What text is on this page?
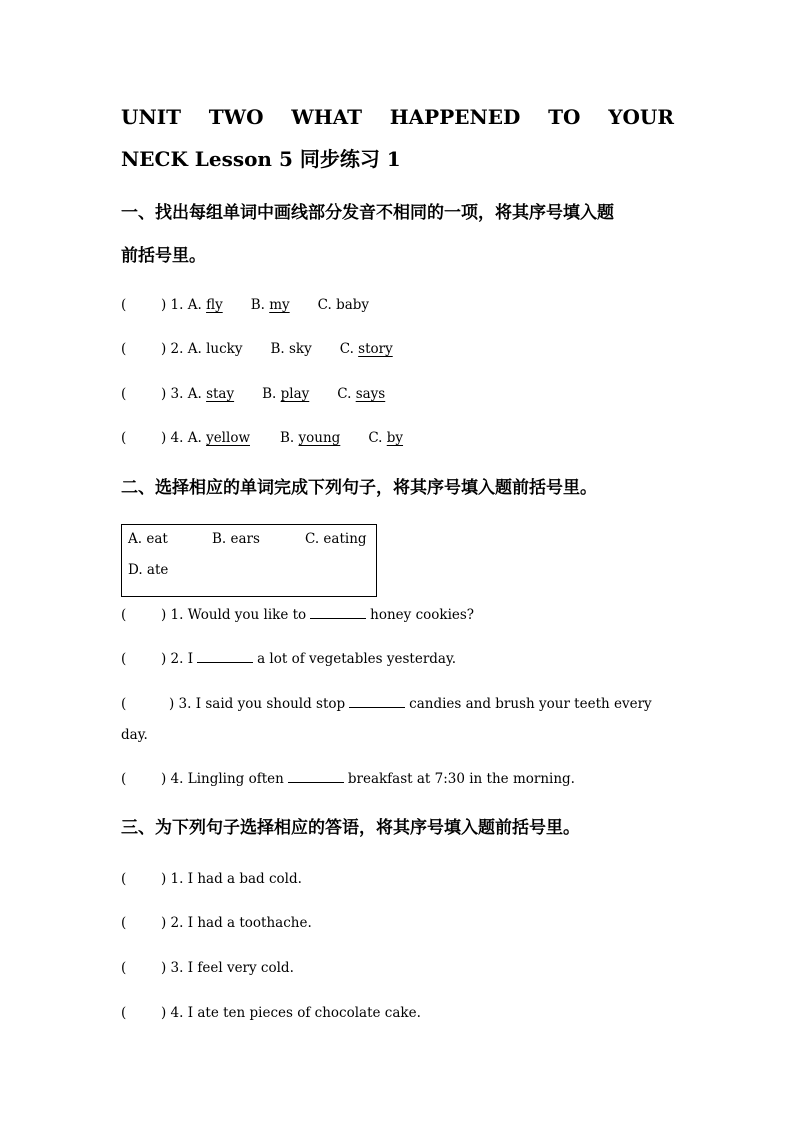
UNIT TWO WHAT HAPPENED TO YOUR
NECK Lesson 5 同步练习 1
一、找出每组单词中画线部分发音不相同的一项，将其序号填入题
前括号里。
(	) 1. A. fly B. my C. baby
(	) 2. A. lucky B. sky C. story
(	) 3. A. stay B. play C. says
(	) 4. A. yellow B. young C. by
二、选择相应的单词完成下列句子，将其序号填入题前括号里。
A. eat	B. ears	C. eating
D. ate
(	) 1. Would you like to	honey cookies?
(	) 2. I	a lot of vegetables yesterday.
(	) 3. I said you should stop	candies and brush your teeth every
day.
(	) 4. Lingling often	breakfast at 7:30 in the morning.
三、为下列句子选择相应的答语，将其序号填入题前括号里。
(	) 1. I had a bad cold.
(	) 2. I had a toothache.
(	) 3. I feel very cold.
(	) 4. I ate ten pieces of chocolate cake.
